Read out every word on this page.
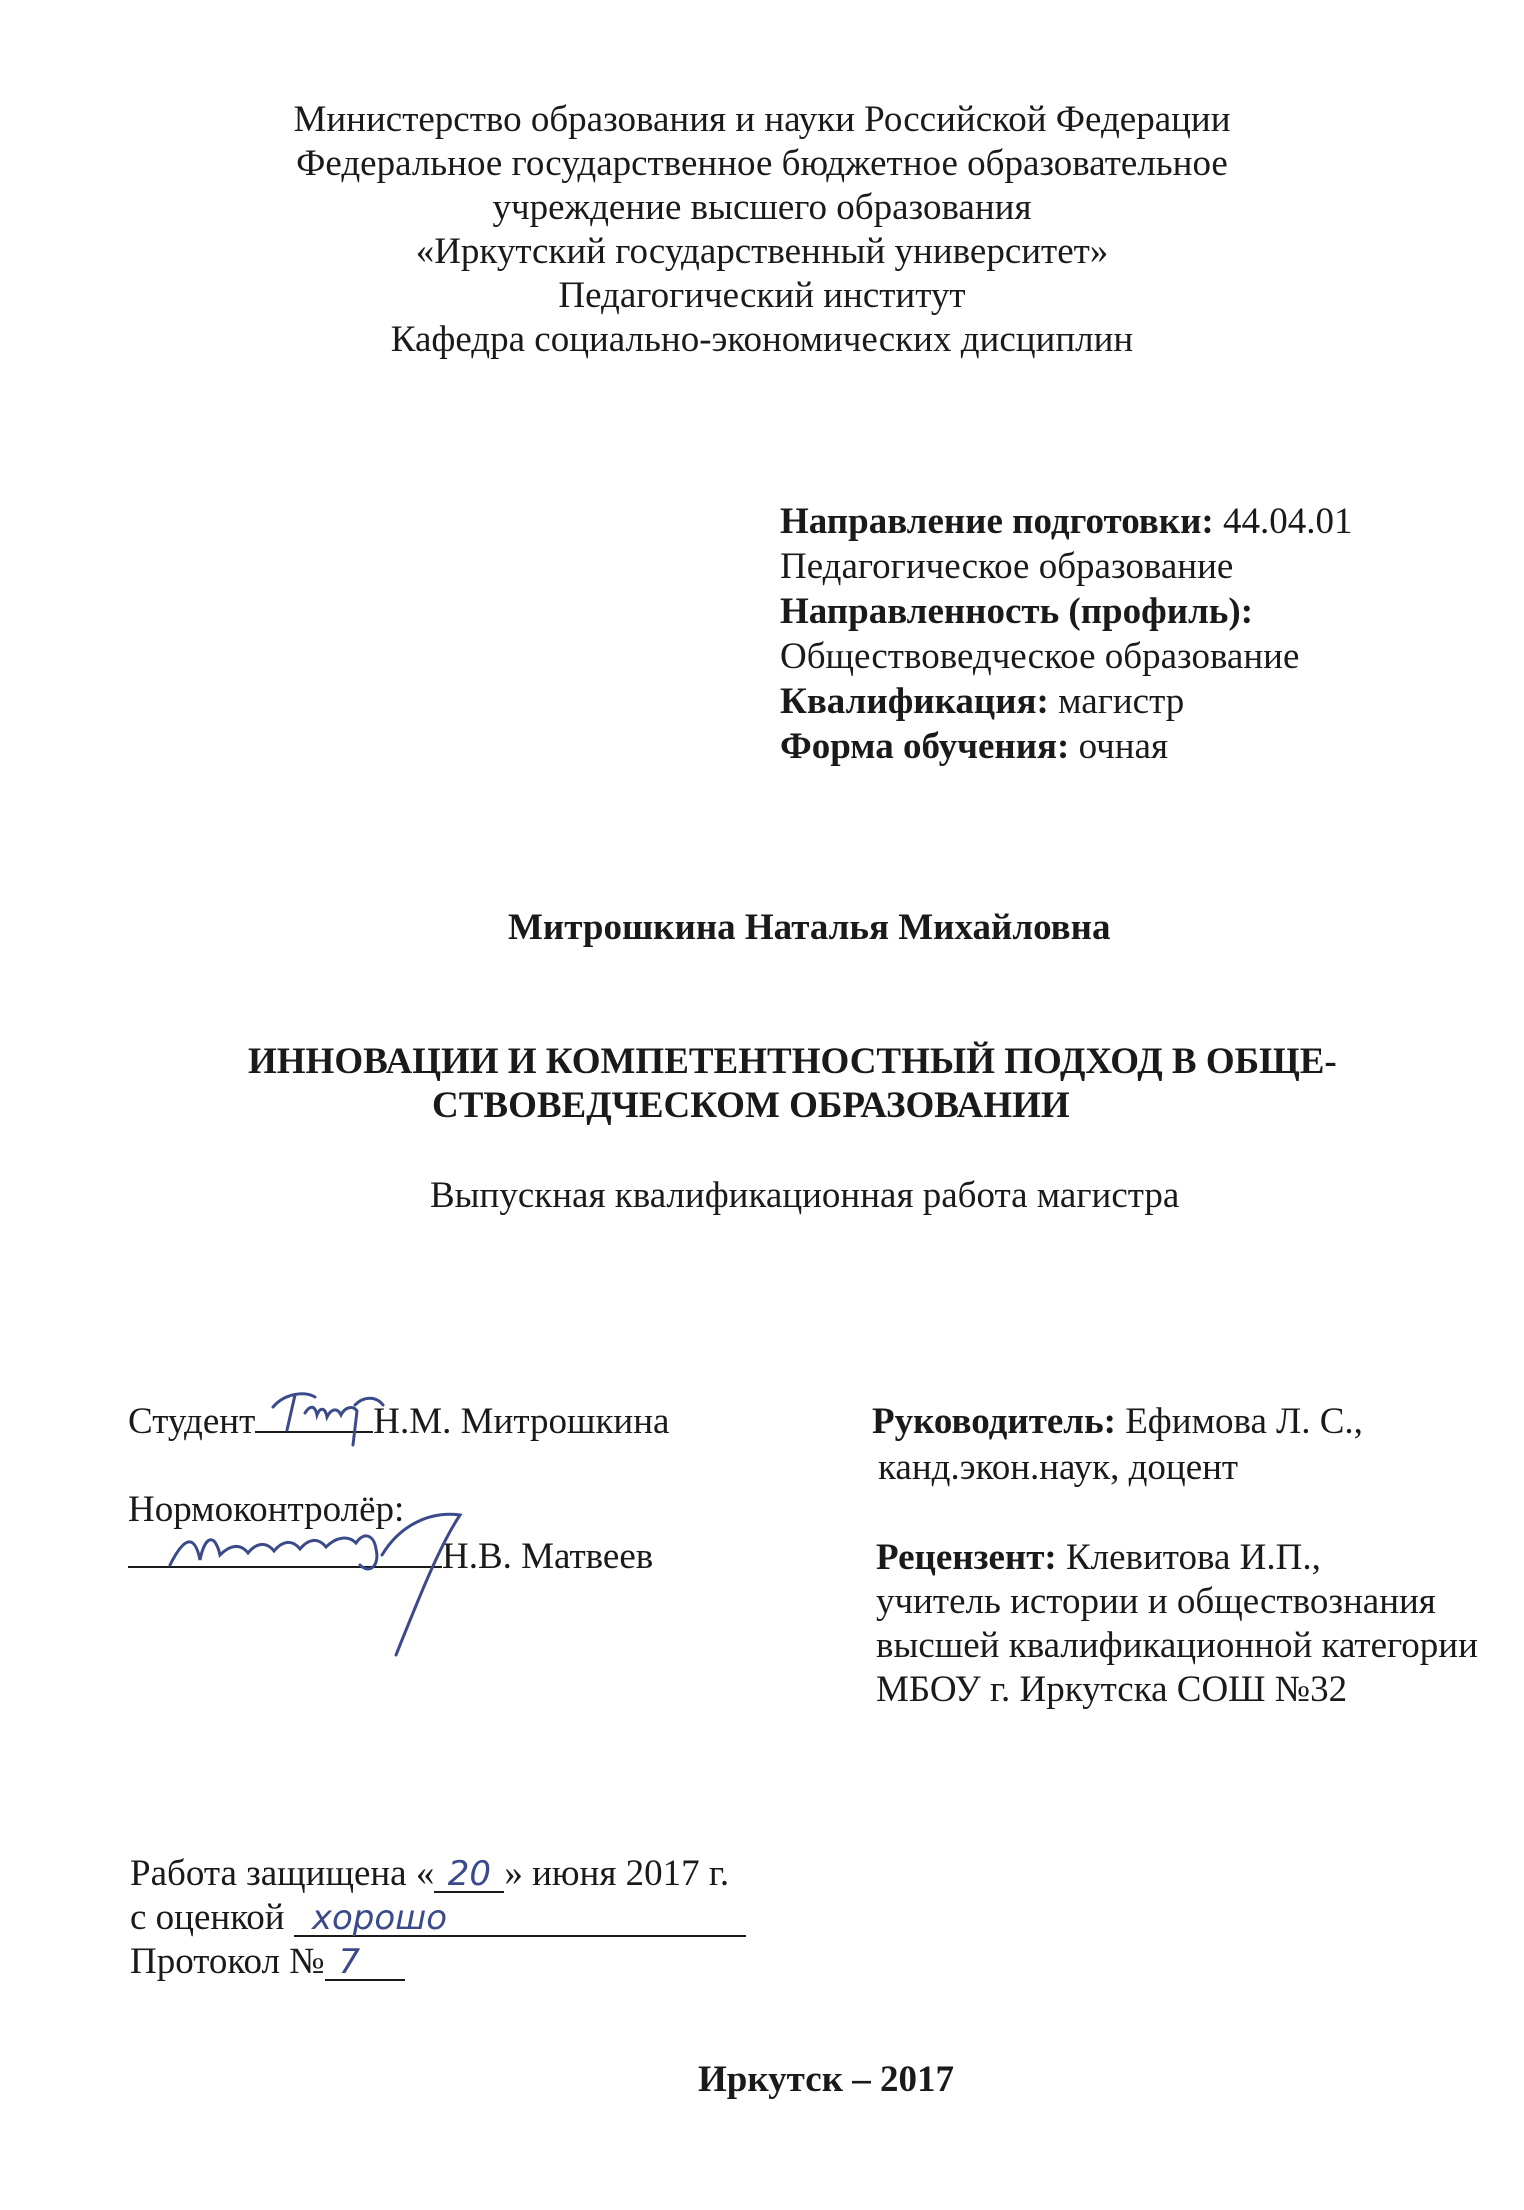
Министерство образования и науки Российской Федерации
Федеральное государственное бюджетное образовательное
учреждение высшего образования
«Иркутский государственный университет»
Педагогический институт
Кафедра социально-экономических дисциплин
Направление подготовки: 44.04.01
Педагогическое образование
Направленность (профиль):
Обществоведческое образование
Квалификация: магистр
Форма обучения: очная
Митрошкина Наталья Михайловна
ИННОВАЦИИ И КОМПЕТЕНТНОСТНЫЙ ПОДХОД В ОБЩЕ-
СТВОВЕДЧЕСКОМ ОБРАЗОВАНИИ
Выпускная квалификационная работа магистра
Студент	Н.М. Митрошкина
Нормоконтролёр:
Н.В. Матвеев
Руководитель: Ефимова Л. С.,
канд.экон.наук, доцент
Рецензент: Клевитова И.П.,
учитель истории и обществознания
высшей квалификационной категории
МБОУ г. Иркутска СОШ №32
Работа защищена « 20 » июня 2017 г.
с оценкой хорошо
Протокол № 7
Иркутск – 2017
